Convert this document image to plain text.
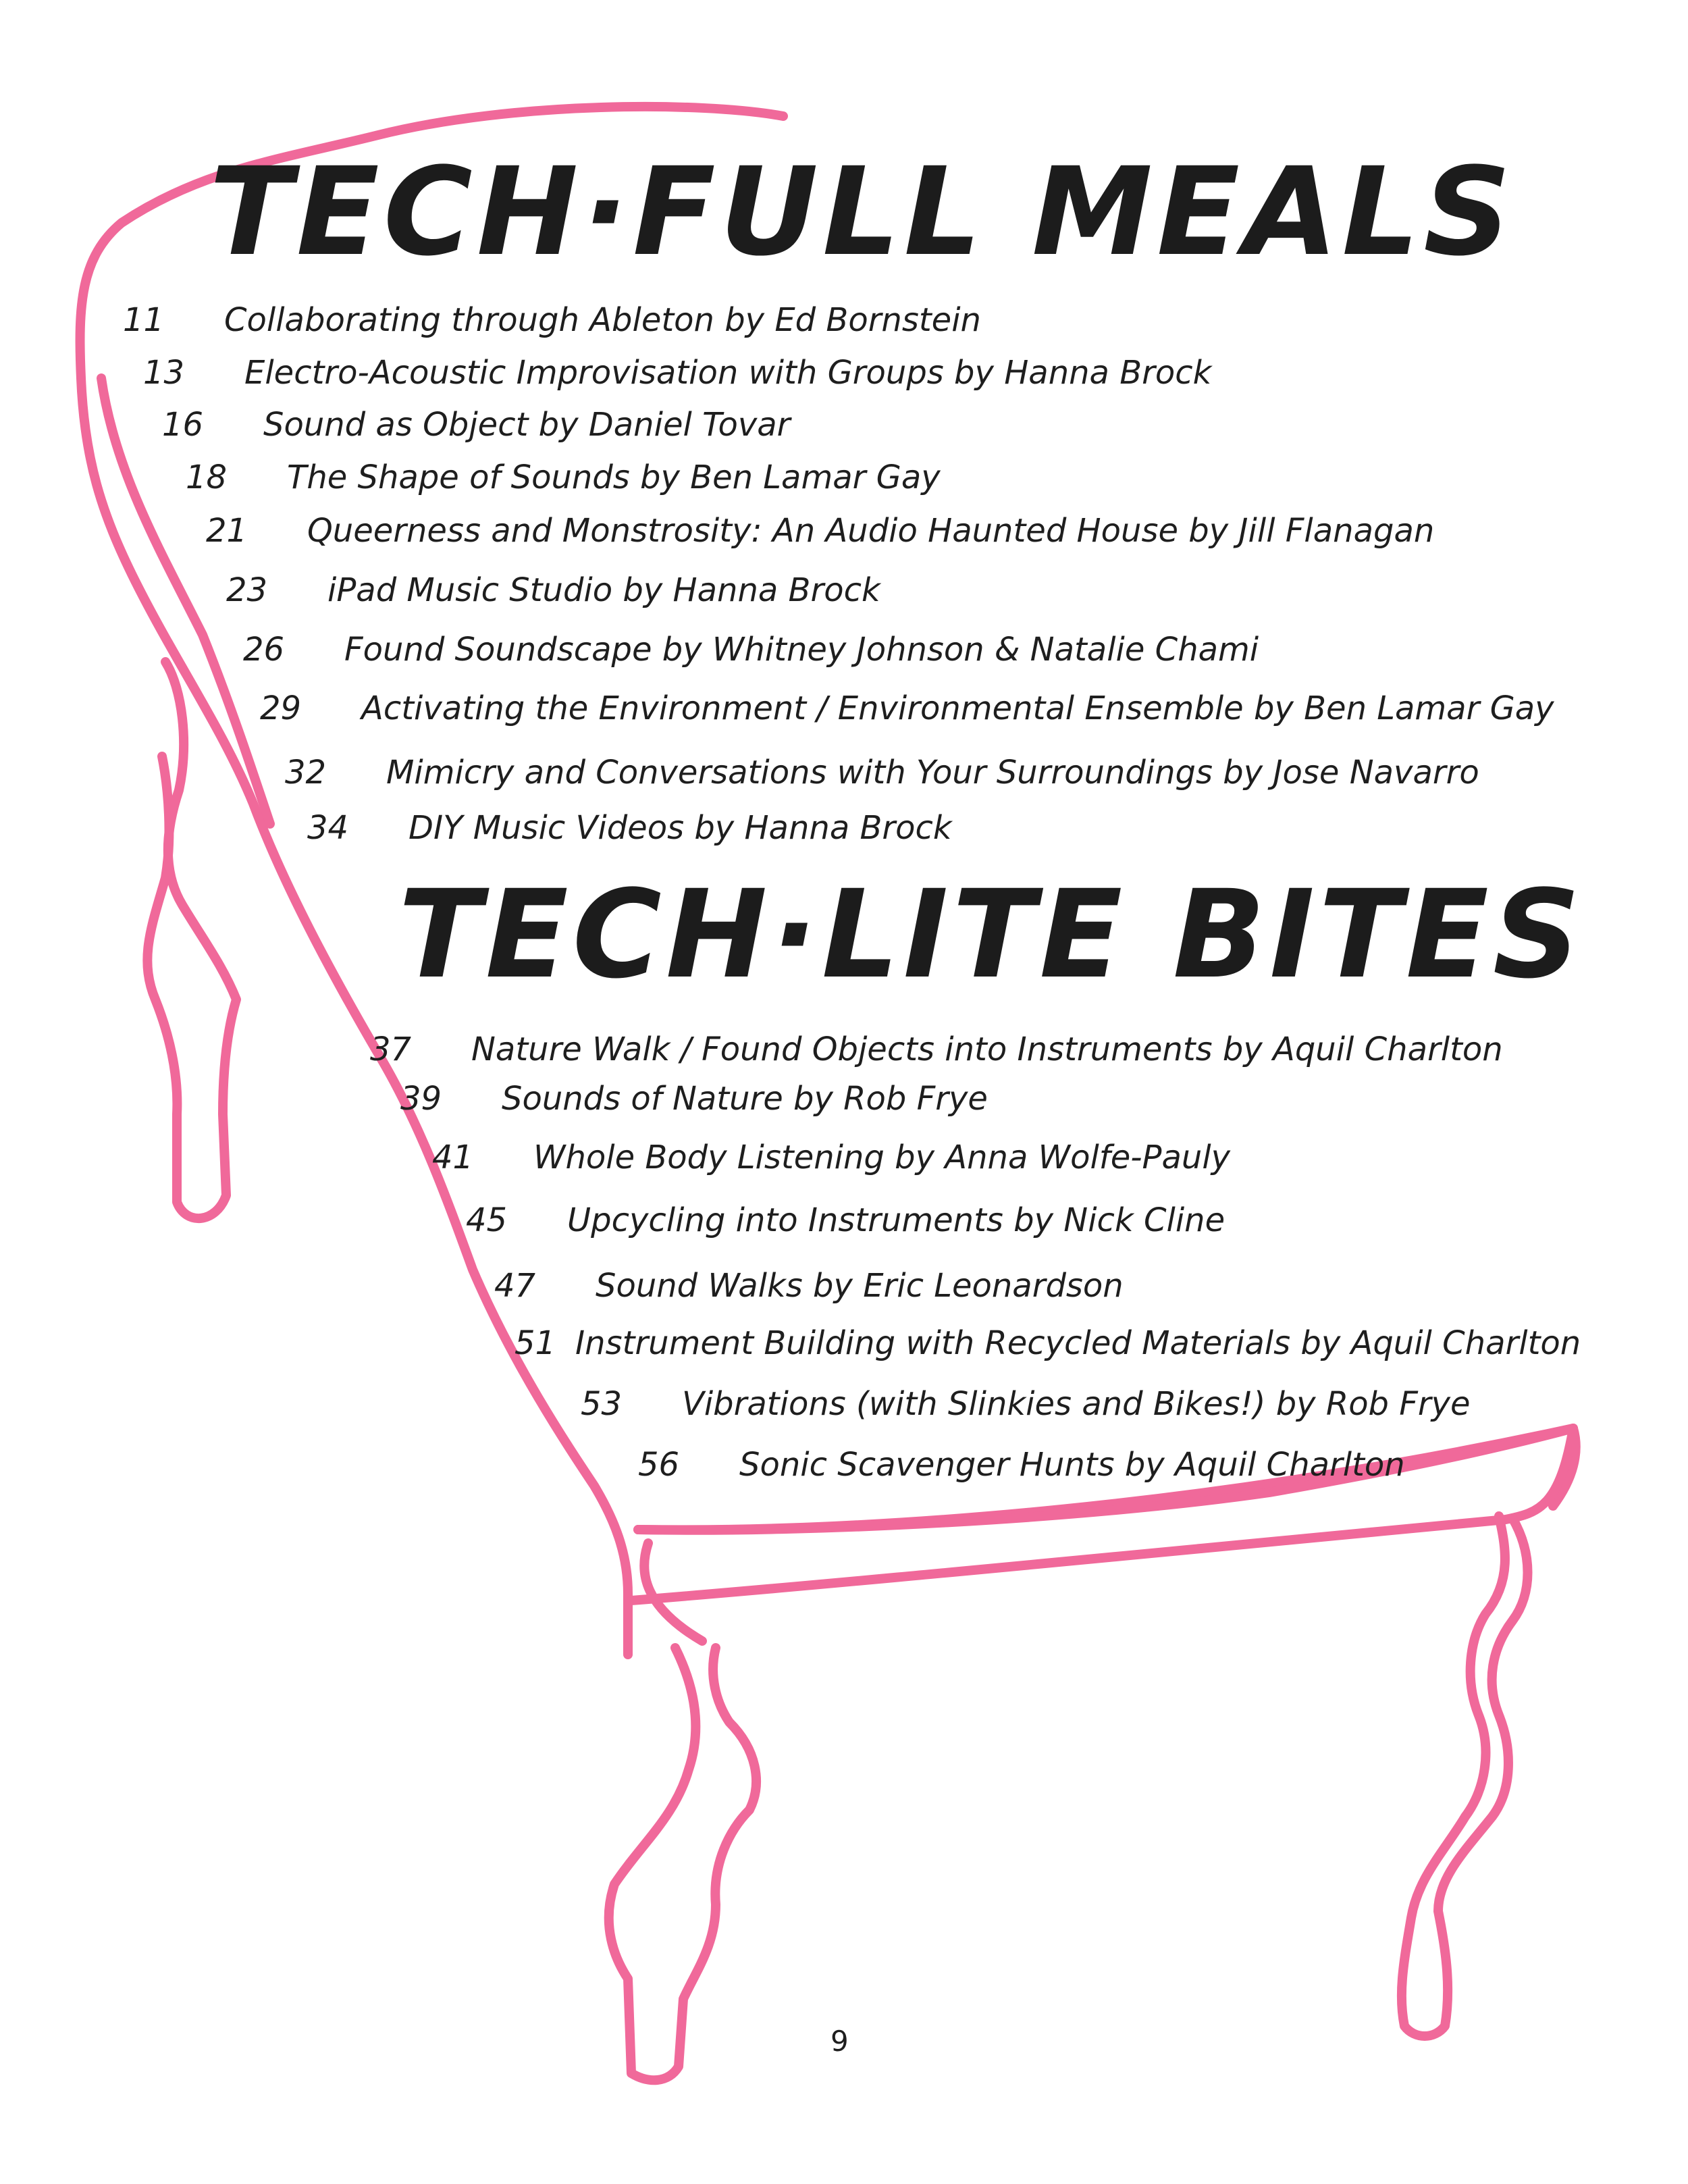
TECH·FULL MEALS
11 Collaborating through Ableton by Ed Bornstein
13 Electro-Acoustic Improvisation with Groups by Hanna Brock
16 Sound as Object by Daniel Tovar
18 The Shape of Sounds by Ben Lamar Gay
21 Queerness and Monstrosity: An Audio Haunted House by Jill Flanagan
23 iPad Music Studio by Hanna Brock
26 Found Soundscape by Whitney Johnson & Natalie Chami
29 Activating the Environment / Environmental Ensemble by Ben Lamar Gay
32 Mimicry and Conversations with Your Surroundings by Jose Navarro
34 DIY Music Videos by Hanna Brock
TECH·LITE BITES
37 Nature Walk / Found Objects into Instruments by Aquil Charlton
39 Sounds of Nature by Rob Frye
41 Whole Body Listening by Anna Wolfe-Pauly
45 Upcycling into Instruments by Nick Cline
47 Sound Walks by Eric Leonardson
51 Instrument Building with Recycled Materials by Aquil Charlton
53 Vibrations (with Slinkies and Bikes!) by Rob Frye
56 Sonic Scavenger Hunts by Aquil Charlton
9
